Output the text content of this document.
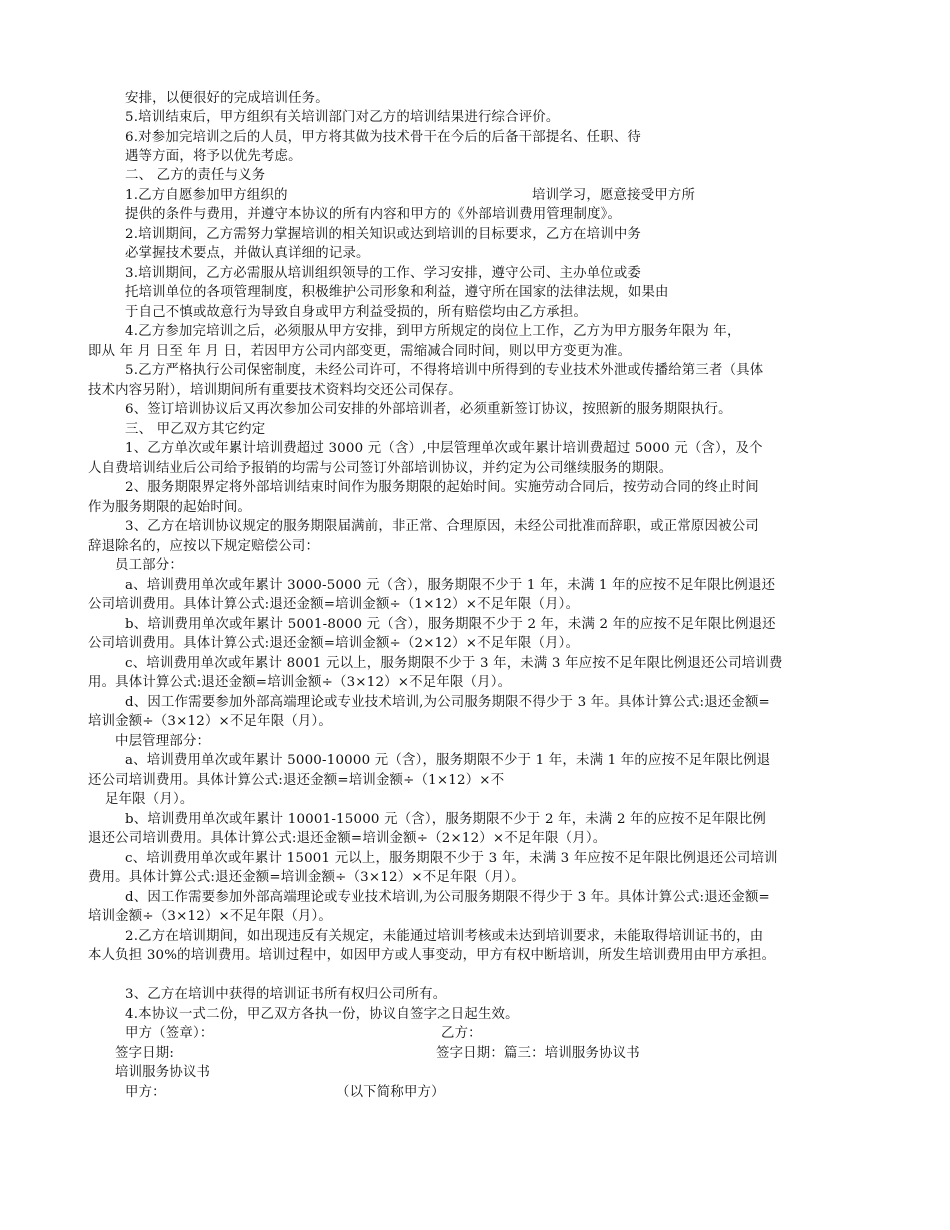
安排，以便很好的完成培训任务。
5.培训结束后，甲方组织有关培训部门对乙方的培训结果进行综合评价。
6.对参加完培训之后的人员，甲方将其做为技术骨干在今后的后备干部提名、任职、待
遇等方面，将予以优先考虑。
二、 乙方的责任与义务
1.乙方自愿参加甲方组织的	培训学习，愿意接受甲方所
提供的条件与费用，并遵守本协议的所有内容和甲方的《外部培训费用管理制度》。
2.培训期间，乙方需努力掌握培训的相关知识或达到培训的目标要求，乙方在培训中务
必掌握技术要点，并做认真详细的记录。
3.培训期间，乙方必需服从培训组织领导的工作、学习安排，遵守公司、主办单位或委
托培训单位的各项管理制度，积极维护公司形象和利益，遵守所在国家的法律法规，如果由
于自己不慎或故意行为导致自身或甲方利益受损的，所有赔偿均由乙方承担。
4.乙方参加完培训之后，必须服从甲方安排，到甲方所规定的岗位上工作，乙方为甲方服务年限为 年，
即从 年 月 日至 年 月 日，若因甲方公司内部变更，需缩减合同时间，则以甲方变更为准。
5.乙方严格执行公司保密制度，未经公司许可，不得将培训中所得到的专业技术外泄或传播给第三者（具体
技术内容另附），培训期间所有重要技术资料均交还公司保存。
6、签订培训协议后又再次参加公司安排的外部培训者，必须重新签订协议，按照新的服务期限执行。
三、 甲乙双方其它约定
1、乙方单次或年累计培训费超过 3000 元（含）,中层管理单次或年累计培训费超过 5000 元（含），及个
人自费培训结业后公司给予报销的均需与公司签订外部培训协议，并约定为公司继续服务的期限。
2、服务期限界定将外部培训结束时间作为服务期限的起始时间。实施劳动合同后，按劳动合同的终止时间
作为服务期限的起始时间。
3、乙方在培训协议规定的服务期限届满前，非正常、合理原因，未经公司批准而辞职，或正常原因被公司
辞退除名的，应按以下规定赔偿公司：
员工部分：
a、培训费用单次或年累计 3000-5000 元（含），服务期限不少于 1 年，未满 1 年的应按不足年限比例退还
公司培训费用。具体计算公式:退还金额=培训金额÷（1×12）×不足年限（月）。
b、培训费用单次或年累计 5001-8000 元（含），服务期限不少于 2 年，未满 2 年的应按不足年限比例退还
公司培训费用。具体计算公式:退还金额=培训金额÷（2×12）×不足年限（月）。
c、培训费用单次或年累计 8001 元以上，服务期限不少于 3 年，未满 3 年应按不足年限比例退还公司培训费
用。具体计算公式:退还金额=培训金额÷（3×12）×不足年限（月）。
d、因工作需要参加外部高端理论或专业技术培训,为公司服务期限不得少于 3 年。具体计算公式:退还金额=
培训金额÷（3×12）×不足年限（月）。
中层管理部分：
a、培训费用单次或年累计 5000-10000 元（含），服务期限不少于 1 年，未满 1 年的应按不足年限比例退
还公司培训费用。具体计算公式:退还金额=培训金额÷（1×12）×不
足年限（月）。
b、培训费用单次或年累计 10001-15000 元（含），服务期限不少于 2 年，未满 2 年的应按不足年限比例
退还公司培训费用。具体计算公式:退还金额=培训金额÷（2×12）×不足年限（月）。
c、培训费用单次或年累计 15001 元以上，服务期限不少于 3 年，未满 3 年应按不足年限比例退还公司培训
费用。具体计算公式:退还金额=培训金额÷（3×12）×不足年限（月）。
d、因工作需要参加外部高端理论或专业技术培训,为公司服务期限不得少于 3 年。具体计算公式:退还金额=
培训金额÷（3×12）×不足年限（月）。
2.乙方在培训期间，如出现违反有关规定，未能通过培训考核或未达到培训要求，未能取得培训证书的，由
本人负担 30%的培训费用。培训过程中，如因甲方或人事变动，甲方有权中断培训，所发生培训费用由甲方承担。
3、乙方在培训中获得的培训证书所有权归公司所有。
4.本协议一式二份，甲乙双方各执一份，协议自签字之日起生效。
甲方（签章）：	乙方：
签字日期:	签字日期：篇三：培训服务协议书
培训服务协议书
甲方：	（以下简称甲方）
